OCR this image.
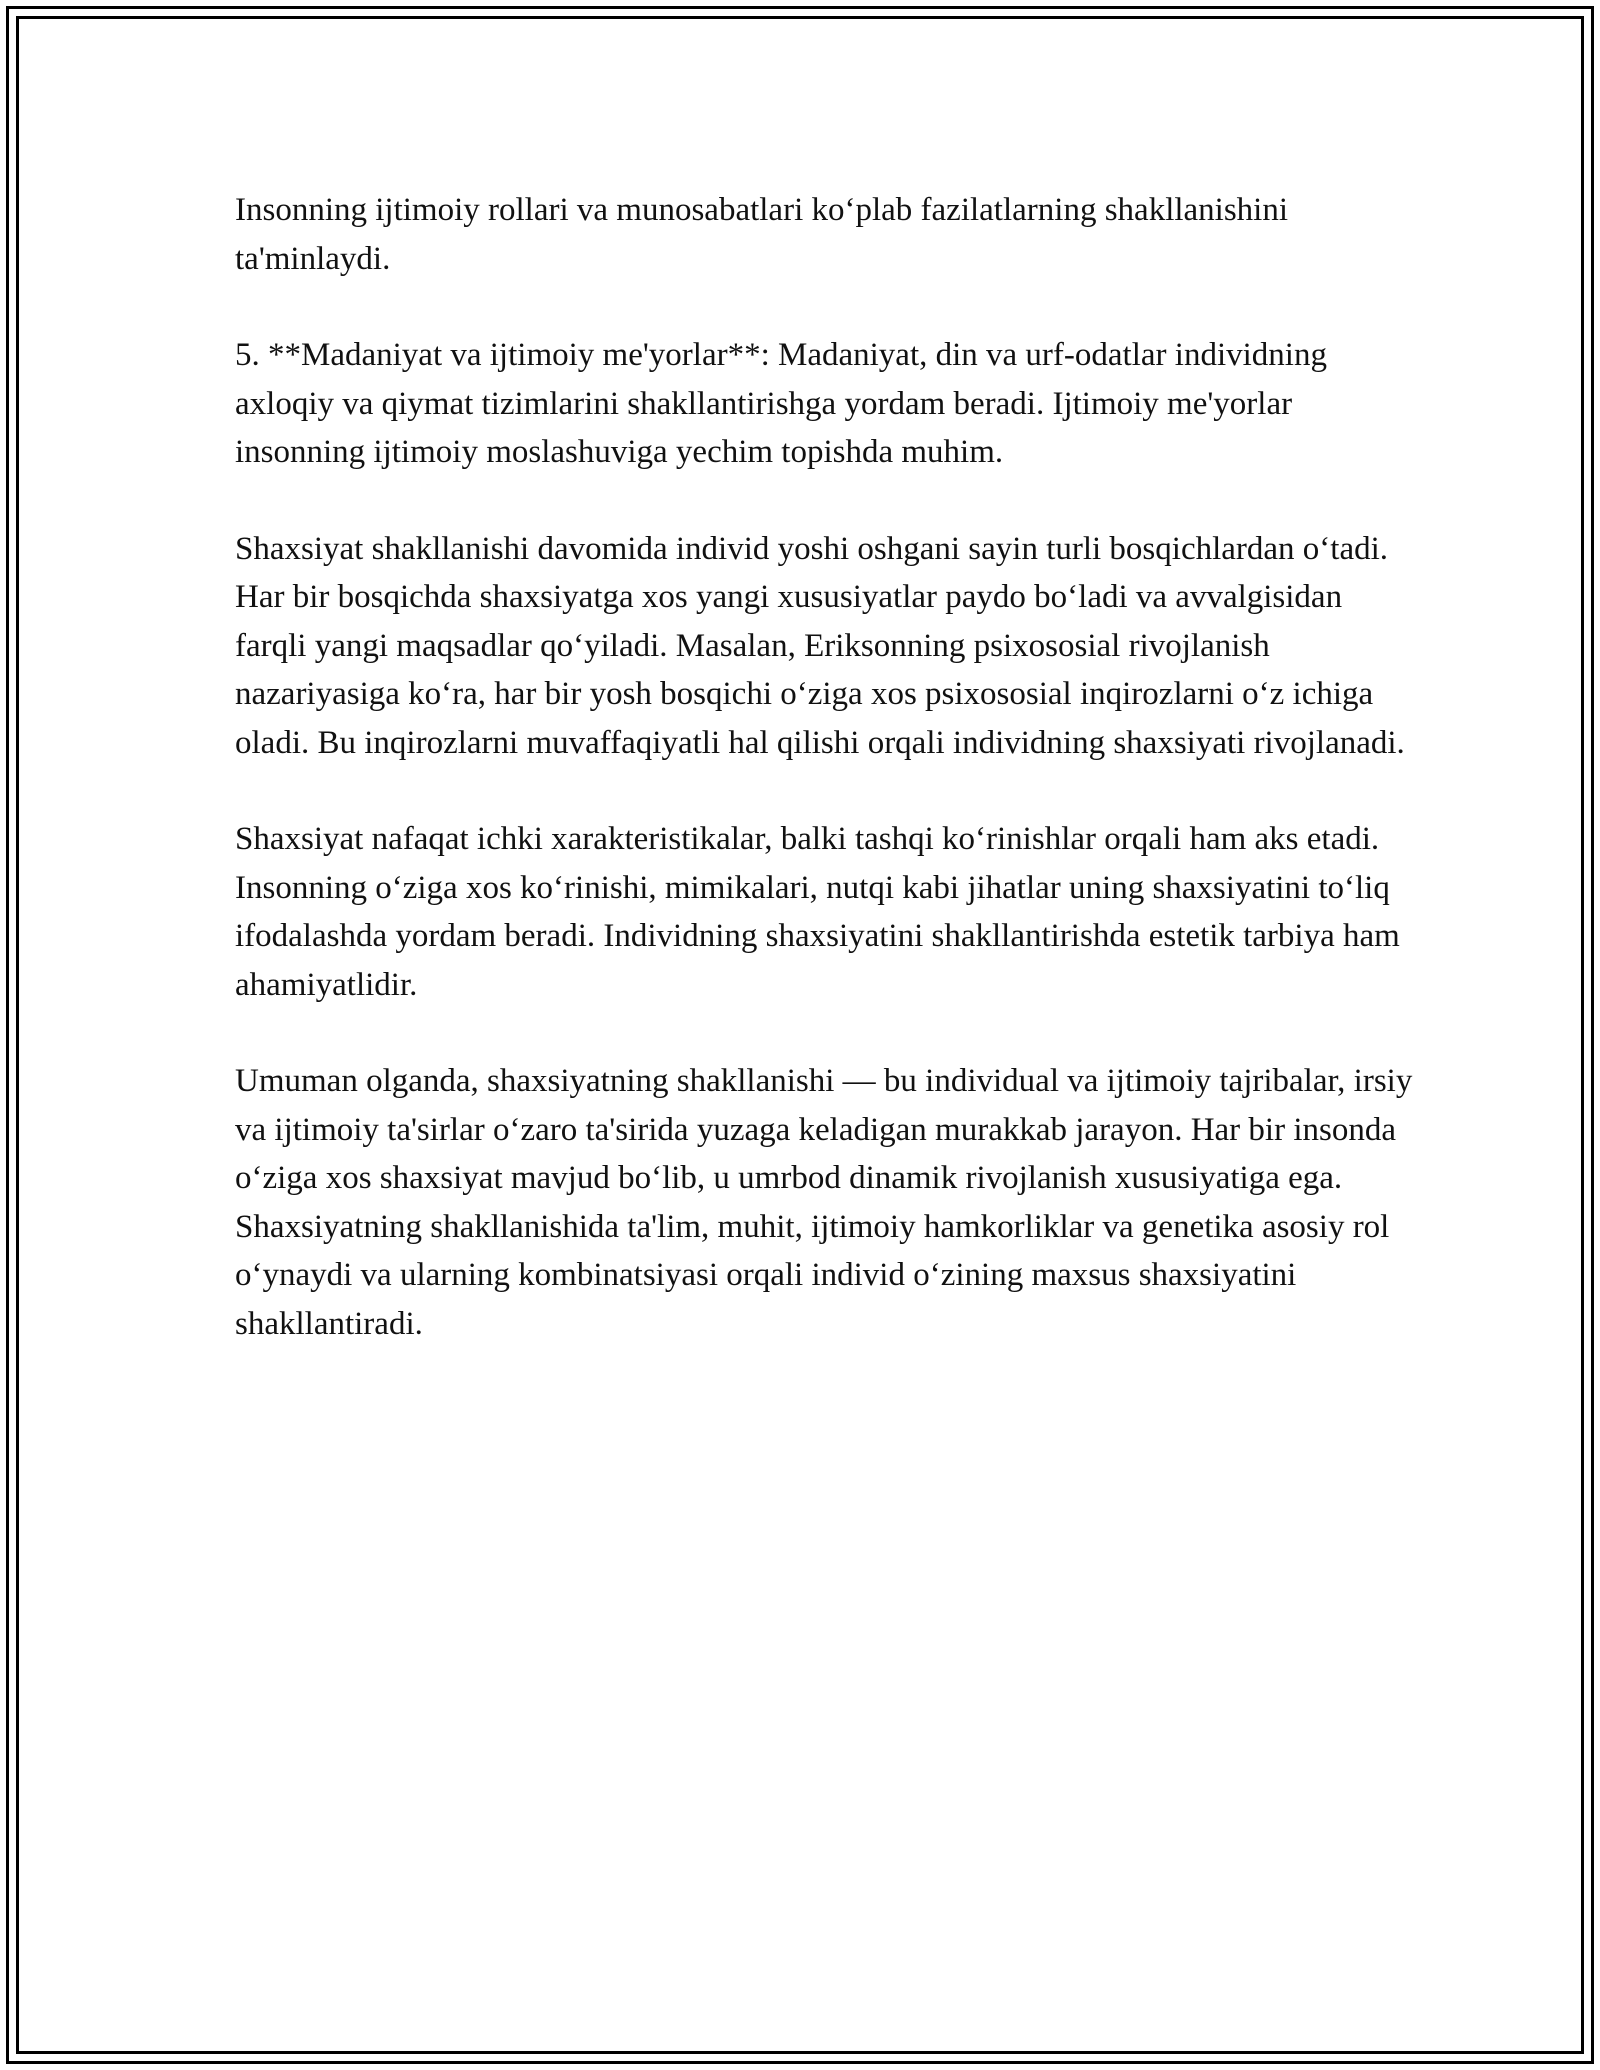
Insonning ijtimoiy rollari va munosabatlari ko‘plab fazilatlarning shakllanishini ta'minlaydi.

5. **Madaniyat va ijtimoiy me'yorlar**: Madaniyat, din va urf-odatlar individning axloqiy va qiymat tizimlarini shakllantirishga yordam beradi. Ijtimoiy me'yorlar insonning ijtimoiy moslashuviga yechim topishda muhim.

Shaxsiyat shakllanishi davomida individ yoshi oshgani sayin turli bosqichlardan o‘tadi. Har bir bosqichda shaxsiyatga xos yangi xususiyatlar paydo bo‘ladi va avvalgisidan farqli yangi maqsadlar qo‘yiladi. Masalan, Eriksonning psixososial rivojlanish nazariyasiga ko‘ra, har bir yosh bosqichi o‘ziga xos psixososial inqirozlarni o‘z ichiga oladi. Bu inqirozlarni muvaffaqiyatli hal qilishi orqali individning shaxsiyati rivojlanadi.

Shaxsiyat nafaqat ichki xarakteristikalar, balki tashqi ko‘rinishlar orqali ham aks etadi. Insonning o‘ziga xos ko‘rinishi, mimikalari, nutqi kabi jihatlar uning shaxsiyatini to‘liq ifodalashda yordam beradi. Individning shaxsiyatini shakllantirishda estetik tarbiya ham ahamiyatlidir.

Umuman olganda, shaxsiyatning shakllanishi — bu individual va ijtimoiy tajribalar, irsiy va ijtimoiy ta'sirlar o‘zaro ta'sirida yuzaga keladigan murakkab jarayon. Har bir insonda o‘ziga xos shaxsiyat mavjud bo‘lib, u umrbod dinamik rivojlanish xususiyatiga ega. Shaxsiyatning shakllanishida ta'lim, muhit, ijtimoiy hamkorliklar va genetika asosiy rol o‘ynaydi va ularning kombinatsiyasi orqali individ o‘zining maxsus shaxsiyatini shakllantiradi.
